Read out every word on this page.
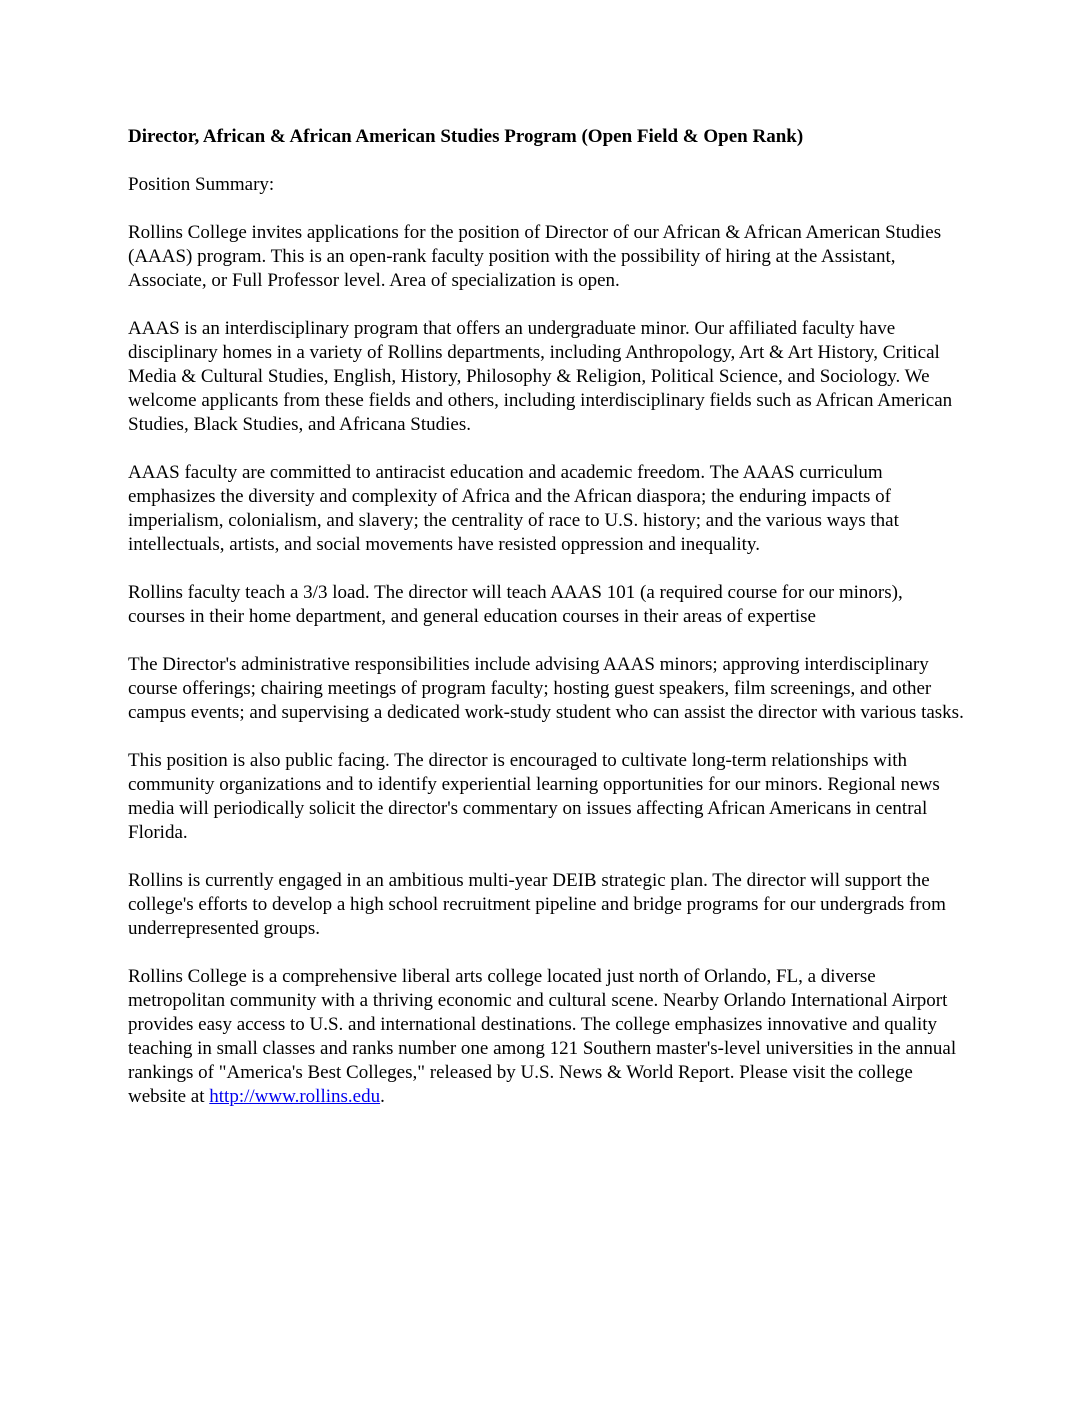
Director, African & African American Studies Program (Open Field & Open Rank)

Position Summary:

Rollins College invites applications for the position of Director of our African & African American Studies (AAAS) program. This is an open-rank faculty position with the possibility of hiring at the Assistant, Associate, or Full Professor level. Area of specialization is open.

AAAS is an interdisciplinary program that offers an undergraduate minor. Our affiliated faculty have disciplinary homes in a variety of Rollins departments, including Anthropology, Art & Art History, Critical Media & Cultural Studies, English, History, Philosophy & Religion, Political Science, and Sociology. We welcome applicants from these fields and others, including interdisciplinary fields such as African American Studies, Black Studies, and Africana Studies.

AAAS faculty are committed to antiracist education and academic freedom. The AAAS curriculum emphasizes the diversity and complexity of Africa and the African diaspora; the enduring impacts of imperialism, colonialism, and slavery; the centrality of race to U.S. history; and the various ways that intellectuals, artists, and social movements have resisted oppression and inequality.

Rollins faculty teach a 3/3 load. The director will teach AAAS 101 (a required course for our minors), courses in their home department, and general education courses in their areas of expertise

The Director's administrative responsibilities include advising AAAS minors; approving interdisciplinary course offerings; chairing meetings of program faculty; hosting guest speakers, film screenings, and other campus events; and supervising a dedicated work-study student who can assist the director with various tasks.

This position is also public facing. The director is encouraged to cultivate long-term relationships with community organizations and to identify experiential learning opportunities for our minors. Regional news media will periodically solicit the director's commentary on issues affecting African Americans in central Florida.

Rollins is currently engaged in an ambitious multi-year DEIB strategic plan. The director will support the college's efforts to develop a high school recruitment pipeline and bridge programs for our undergrads from underrepresented groups.

Rollins College is a comprehensive liberal arts college located just north of Orlando, FL, a diverse metropolitan community with a thriving economic and cultural scene. Nearby Orlando International Airport provides easy access to U.S. and international destinations. The college emphasizes innovative and quality teaching in small classes and ranks number one among 121 Southern master's-level universities in the annual rankings of "America's Best Colleges," released by U.S. News & World Report. Please visit the college website at http://www.rollins.edu.
